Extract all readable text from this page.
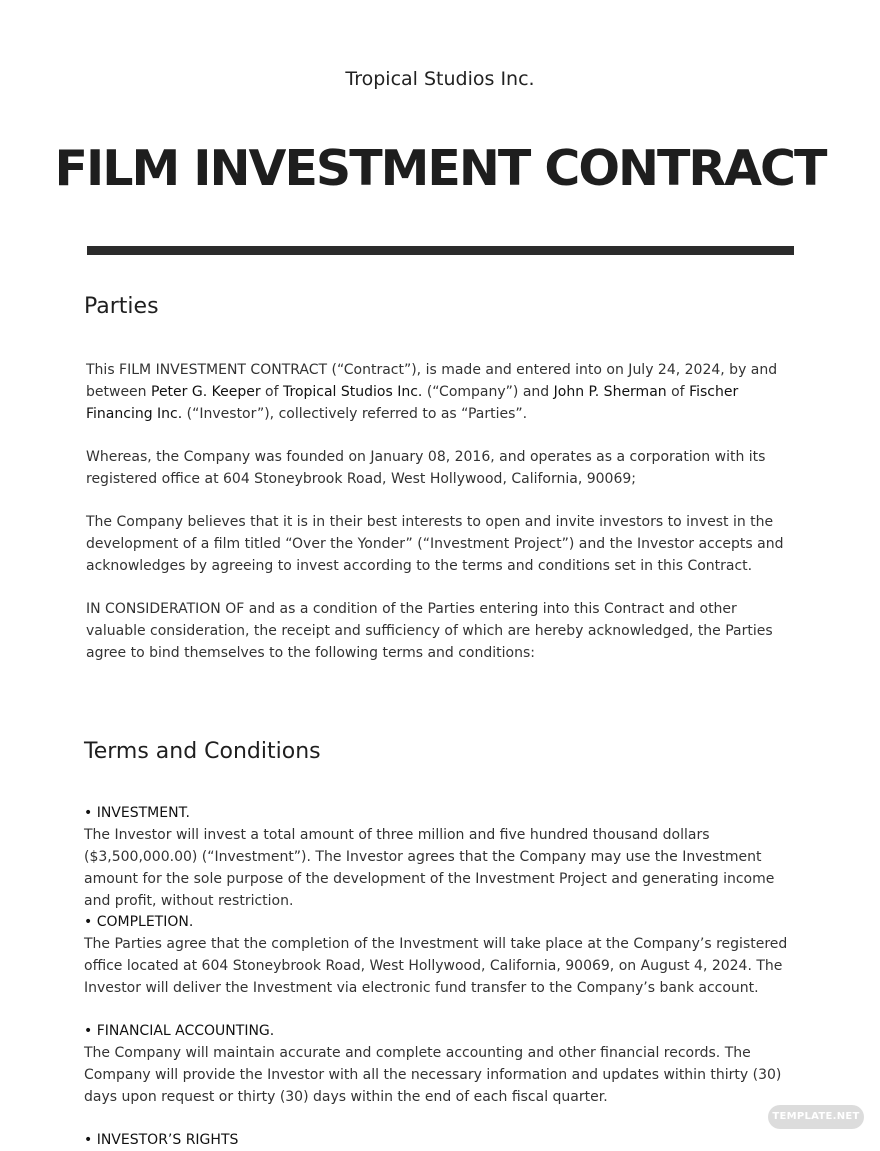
Tropical Studios Inc.

FILM INVESTMENT CONTRACT
Parties

This FILM INVESTMENT CONTRACT (“Contract”), is made and entered into on July 24, 2024, by and between Peter G. Keeper of Tropical Studios Inc. (“Company”) and John P. Sherman of Fischer Financing Inc. (“Investor”), collectively referred to as “Parties”.

Whereas, the Company was founded on January 08, 2016, and operates as a corporation with its registered office at 604 Stoneybrook Road, West Hollywood, California, 90069;

The Company believes that it is in their best interests to open and invite investors to invest in the development of a film titled “Over the Yonder” (“Investment Project”) and the Investor accepts and acknowledges by agreeing to invest according to the terms and conditions set in this Contract.

IN CONSIDERATION OF and as a condition of the Parties entering into this Contract and other valuable consideration, the receipt and sufficiency of which are hereby acknowledged, the Parties agree to bind themselves to the following terms and conditions:

Terms and Conditions
• INVESTMENT.
The Investor will invest a total amount of three million and five hundred thousand dollars ($3,500,000.00) (“Investment”). The Investor agrees that the Company may use the Investment amount for the sole purpose of the development of the Investment Project and generating income and profit, without restriction.
• COMPLETION.
The Parties agree that the completion of the Investment will take place at the Company’s registered office located at 604 Stoneybrook Road, West Hollywood, California, 90069, on August 4, 2024. The Investor will deliver the Investment via electronic fund transfer to the Company’s bank account.
• FINANCIAL ACCOUNTING.
The Company will maintain accurate and complete accounting and other financial records. The Company will provide the Investor with all the necessary information and updates within thirty (30) days upon request or thirty (30) days within the end of each fiscal quarter.

• INVESTOR’S RIGHTS

TEMPLATE.NET
